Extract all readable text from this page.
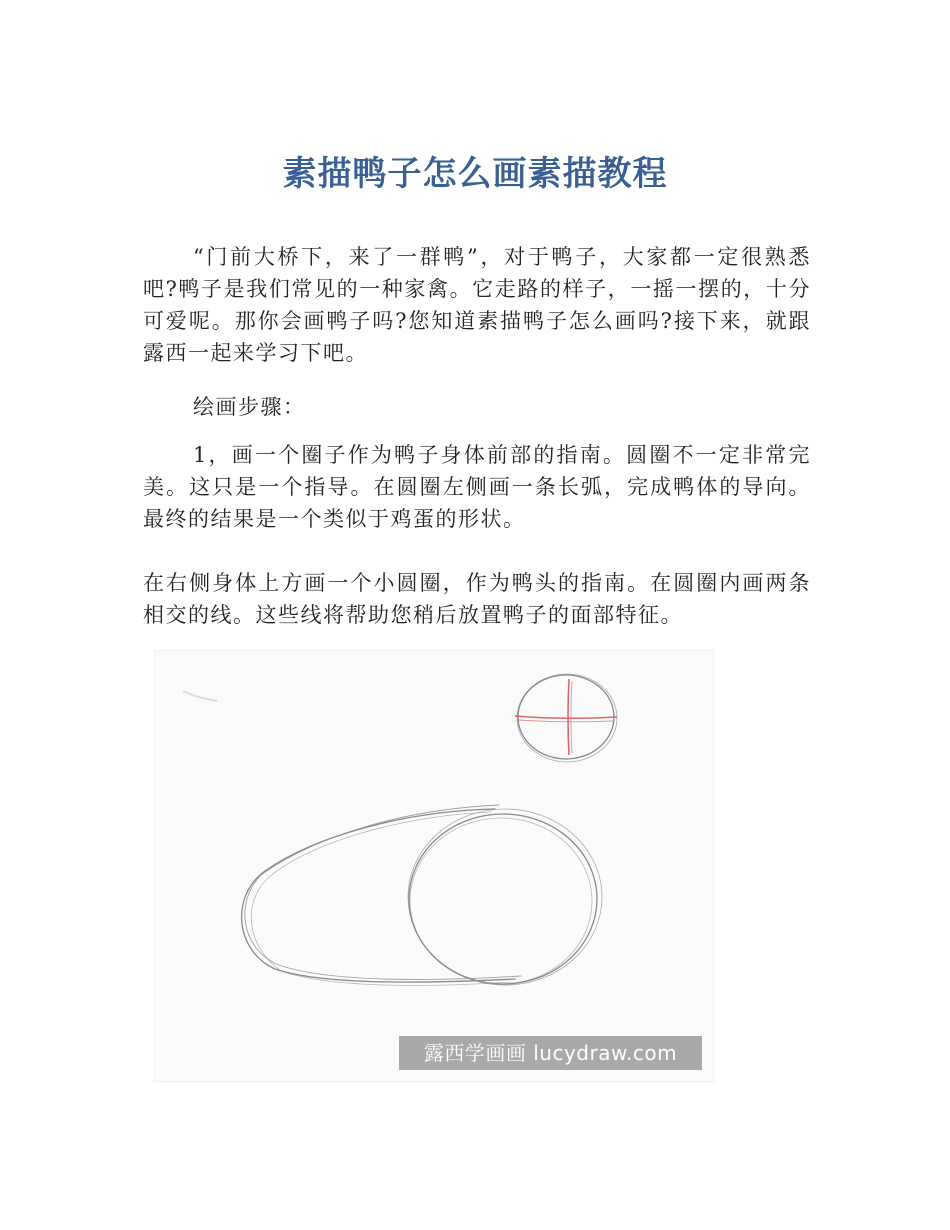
素描鸭子怎么画素描教程

“门前大桥下，来了一群鸭”，对于鸭子，大家都一定很熟悉吧?鸭子是我们常见的一种家禽。它走路的样子，一摇一摆的，十分可爱呢。那你会画鸭子吗?您知道素描鸭子怎么画吗?接下来，就跟露西一起来学习下吧。

绘画步骤：

1，画一个圈子作为鸭子身体前部的指南。圆圈不一定非常完美。这只是一个指导。在圆圈左侧画一条长弧，完成鸭体的导向。最终的结果是一个类似于鸡蛋的形状。

在右侧身体上方画一个小圆圈，作为鸭头的指南。在圆圈内画两条相交的线。这些线将帮助您稍后放置鸭子的面部特征。

露西学画画 lucydraw.com
